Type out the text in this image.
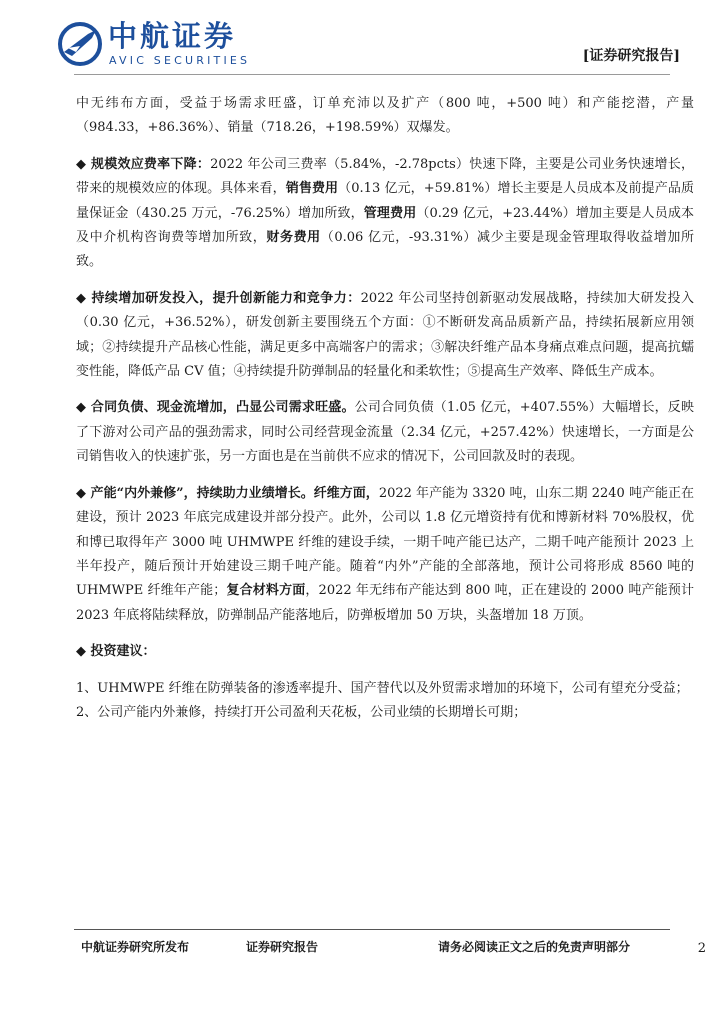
中航证券
AVIC SECURITIES	[证券研究报告]

中无纬布方面，受益于场需求旺盛，订单充沛以及扩产（800 吨，+500 吨）和产能挖潜，产量（984.33，+86.36%）、销量（718.26，+198.59%）双爆发。

◆ 规模效应费率下降：2022 年公司三费率（5.84%，-2.78pcts）快速下降，主要是公司业务快速增长，带来的规模效应的体现。具体来看，销售费用（0.13 亿元，+59.81%）增长主要是人员成本及前提产品质量保证金（430.25 万元，-76.25%）增加所致，管理费用（0.29 亿元，+23.44%）增加主要是人员成本及中介机构咨询费等增加所致，财务费用（0.06 亿元，-93.31%）减少主要是现金管理取得收益增加所致。

◆ 持续增加研发投入，提升创新能力和竞争力：2022 年公司坚持创新驱动发展战略，持续加大研发投入（0.30 亿元，+36.52%），研发创新主要围绕五个方面：①不断研发高品质新产品，持续拓展新应用领域；②持续提升产品核心性能，满足更多中高端客户的需求；③解决纤维产品本身痛点难点问题，提高抗蠕变性能，降低产品 CV 值；④持续提升防弹制品的轻量化和柔软性；⑤提高生产效率、降低生产成本。

◆ 合同负债、现金流增加，凸显公司需求旺盛。公司合同负债（1.05 亿元，+407.55%）大幅增长，反映了下游对公司产品的强劲需求，同时公司经营现金流量（2.34 亿元，+257.42%）快速增长，一方面是公司销售收入的快速扩张，另一方面也是在当前供不应求的情况下，公司回款及时的表现。

◆ 产能“内外兼修”，持续助力业绩增长。纤维方面，2022 年产能为 3320 吨，山东二期 2240 吨产能正在建设，预计 2023 年底完成建设并部分投产。此外，公司以 1.8 亿元增资持有优和博新材料 70%股权，优和博已取得年产 3000 吨 UHMWPE 纤维的建设手续，一期千吨产能已达产，二期千吨产能预计 2023 上半年投产，随后预计开始建设三期千吨产能。随着“内外”产能的全部落地，预计公司将形成 8560 吨的 UHMWPE 纤维年产能；复合材料方面，2022 年无纬布产能达到 800 吨，正在建设的 2000 吨产能预计 2023 年底将陆续释放，防弹制品产能落地后，防弹板增加 50 万块，头盔增加 18 万顶。

◆ 投资建议：

1、UHMWPE 纤维在防弹装备的渗透率提升、国产替代以及外贸需求增加的环境下，公司有望充分受益；

2、公司产能内外兼修，持续打开公司盈利天花板，公司业绩的长期增长可期；

中航证券研究所发布	证券研究报告	请务必阅读正文之后的免责声明部分	2
